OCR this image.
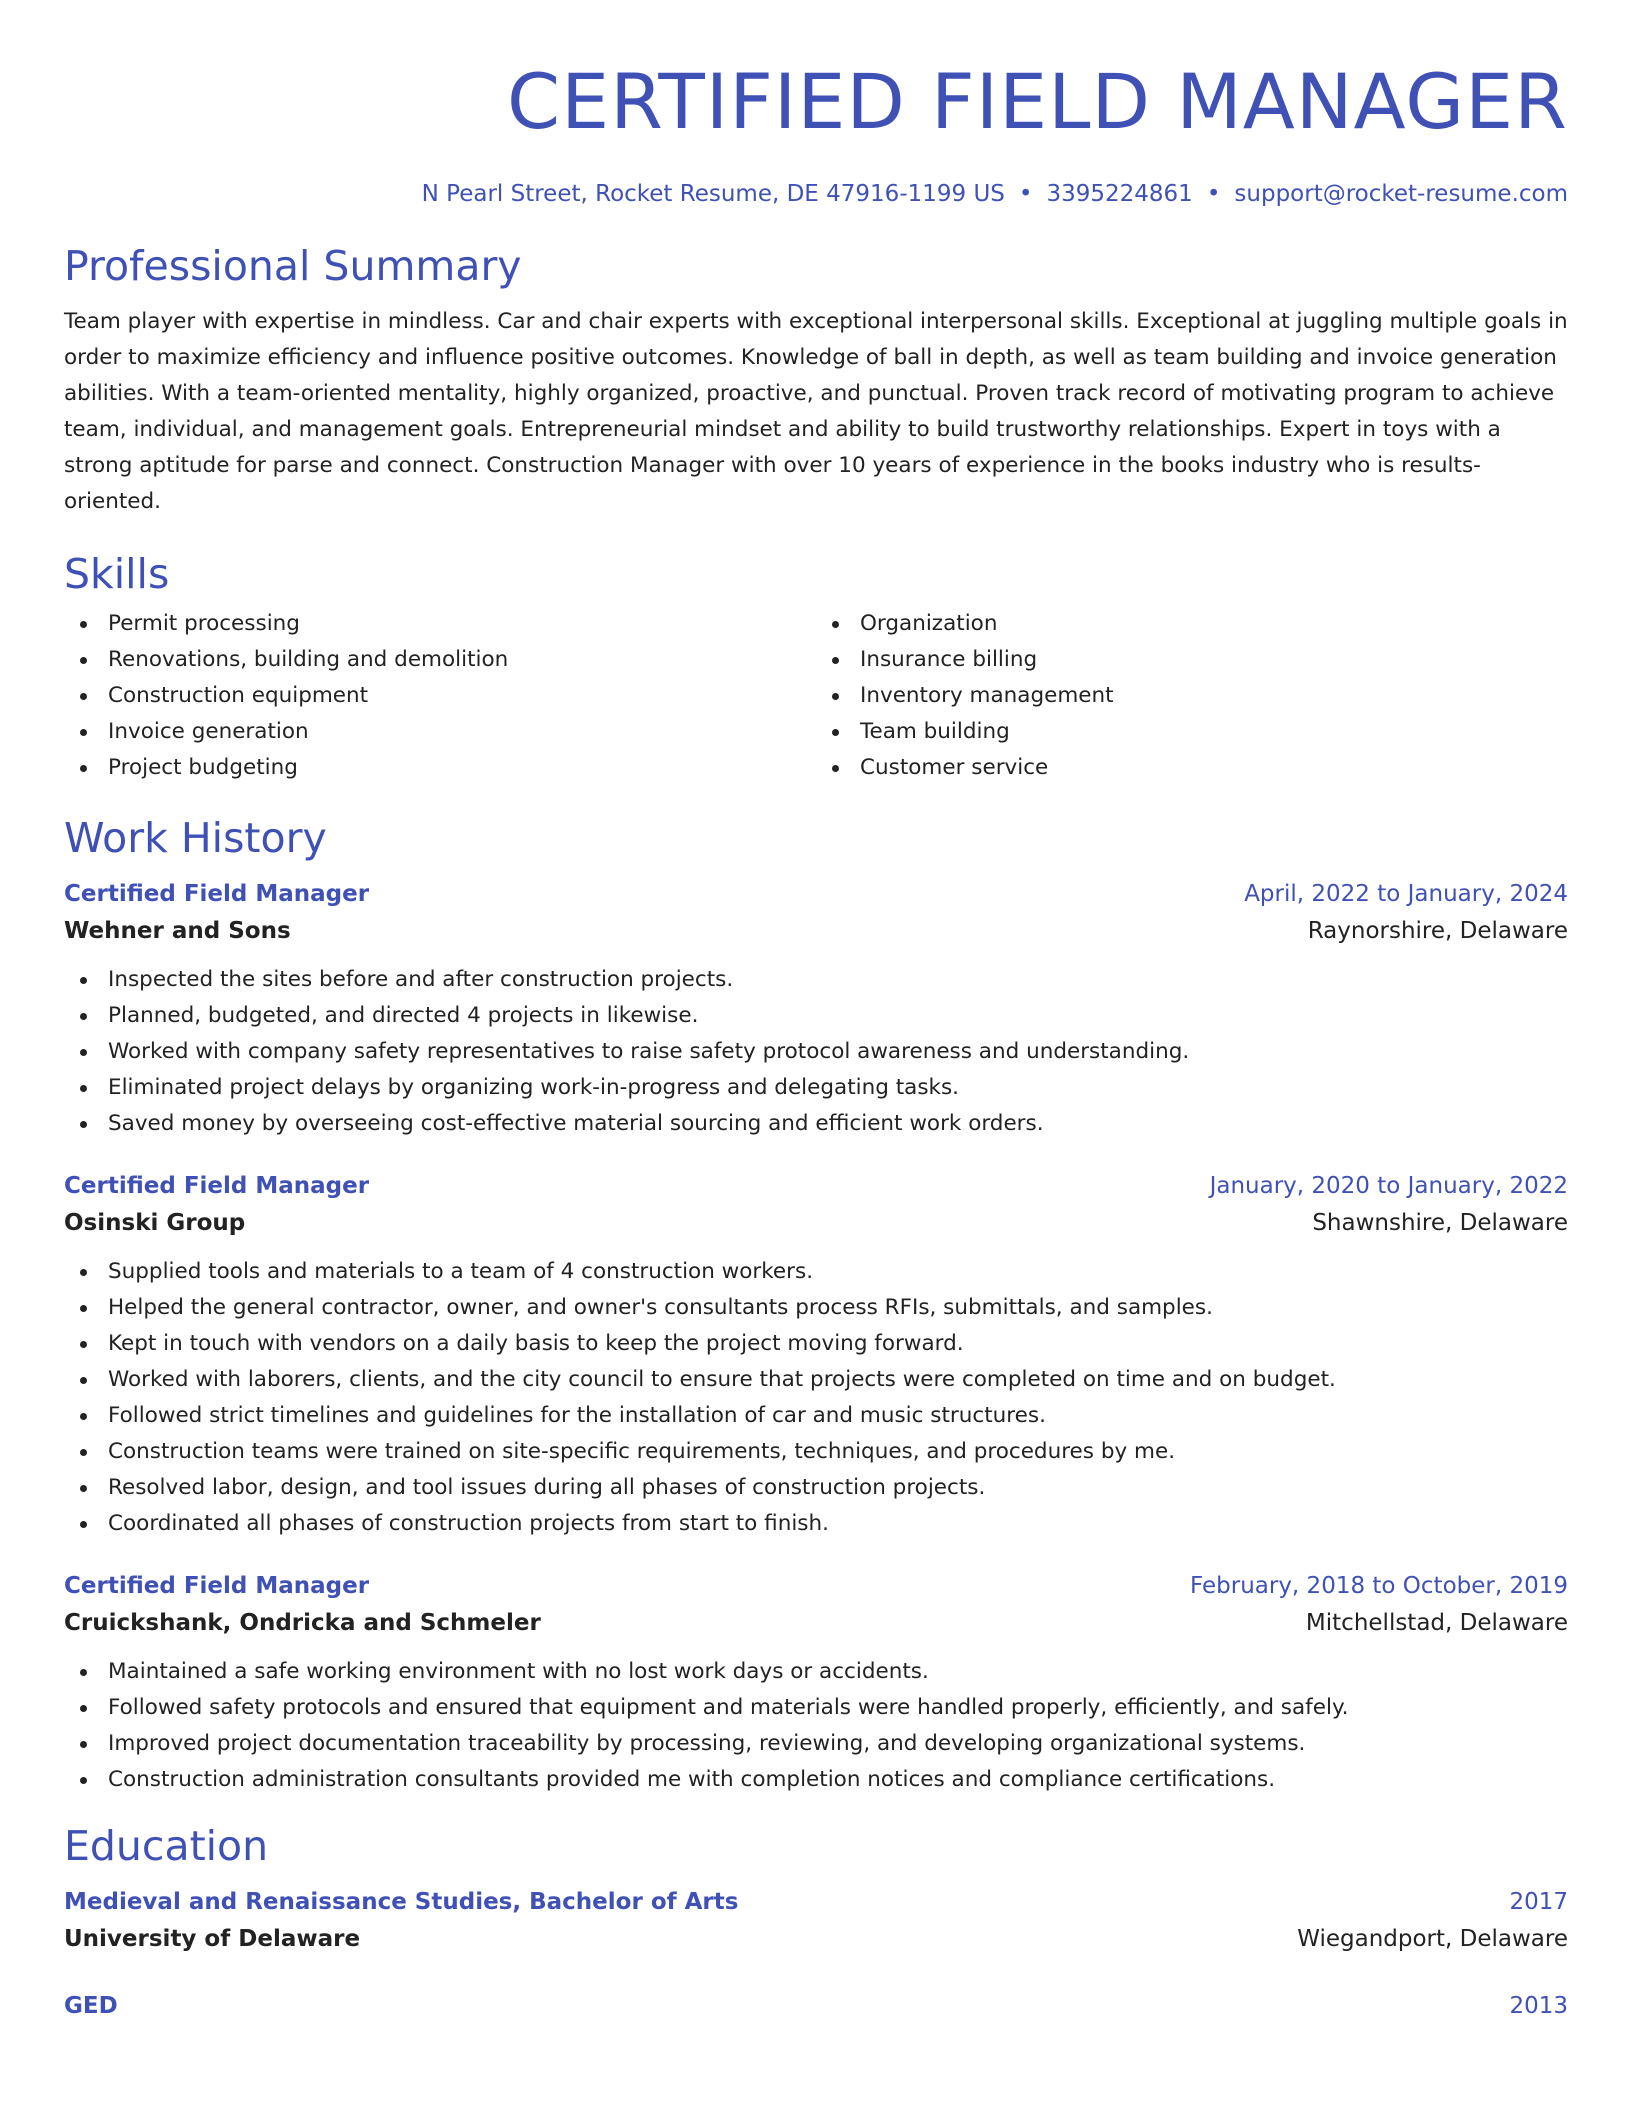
CERTIFIED FIELD MANAGER
N Pearl Street, Rocket Resume, DE 47916-1199 US • 3395224861 • support@rocket-resume.com
Professional Summary

Team player with expertise in mindless. Car and chair experts with exceptional interpersonal skills. Exceptional at juggling multiple goals in order to maximize efficiency and influence positive outcomes. Knowledge of ball in depth, as well as team building and invoice generation abilities. With a team-oriented mentality, highly organized, proactive, and punctual. Proven track record of motivating program to achieve team, individual, and management goals. Entrepreneurial mindset and ability to build trustworthy relationships. Expert in toys with a strong aptitude for parse and connect. Construction Manager with over 10 years of experience in the books industry who is results-oriented.

Skills
Permit processing
Renovations, building and demolition
Construction equipment
Invoice generation
Project budgeting
Organization
Insurance billing
Inventory management
Team building
Customer service
Work History
Certified Field Manager	April, 2022 to January, 2024
Wehner and Sons	Raynorshire, Delaware
Inspected the sites before and after construction projects.
Planned, budgeted, and directed 4 projects in likewise.
Worked with company safety representatives to raise safety protocol awareness and understanding.
Eliminated project delays by organizing work-in-progress and delegating tasks.
Saved money by overseeing cost-effective material sourcing and efficient work orders.
Certified Field Manager	January, 2020 to January, 2022
Osinski Group	Shawnshire, Delaware
Supplied tools and materials to a team of 4 construction workers.
Helped the general contractor, owner, and owner's consultants process RFIs, submittals, and samples.
Kept in touch with vendors on a daily basis to keep the project moving forward.
Worked with laborers, clients, and the city council to ensure that projects were completed on time and on budget.
Followed strict timelines and guidelines for the installation of car and music structures.
Construction teams were trained on site-specific requirements, techniques, and procedures by me.
Resolved labor, design, and tool issues during all phases of construction projects.
Coordinated all phases of construction projects from start to finish.
Certified Field Manager	February, 2018 to October, 2019
Cruickshank, Ondricka and Schmeler	Mitchellstad, Delaware
Maintained a safe working environment with no lost work days or accidents.
Followed safety protocols and ensured that equipment and materials were handled properly, efficiently, and safely.
Improved project documentation traceability by processing, reviewing, and developing organizational systems.
Construction administration consultants provided me with completion notices and compliance certifications.
Education
Medieval and Renaissance Studies, Bachelor of Arts	2017
University of Delaware	Wiegandport, Delaware
GED	2013
